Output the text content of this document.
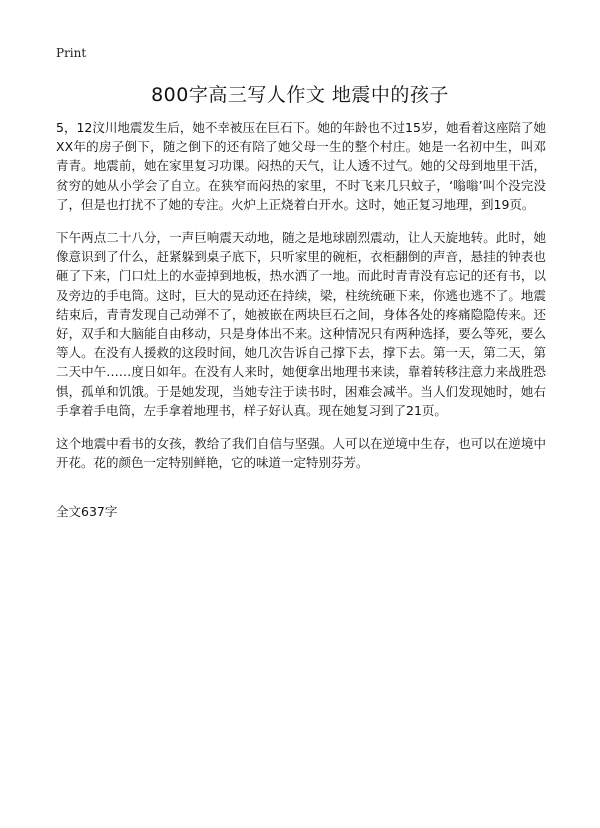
Print
800字高三写人作文 地震中的孩子

5，12汶川地震发生后，她不幸被压在巨石下。她的年龄也不过15岁，她看着这座陪了她XX年的房子倒下，随之倒下的还有陪了她父母一生的整个村庄。她是一名初中生，叫邓青青。地震前，她在家里复习功课。闷热的天气，让人透不过气。她的父母到地里干活，贫穷的她从小学会了自立。在狭窄而闷热的家里，不时飞来几只蚊子，‘嗡嗡’叫个没完没了，但是也打扰不了她的专注。火炉上正烧着白开水。这时，她正复习地理，到19页。

下午两点二十八分，一声巨响震天动地，随之是地球剧烈震动，让人天旋地转。此时，她像意识到了什么，赶紧躲到桌子底下，只听家里的碗柜，衣柜翻倒的声音，悬挂的钟表也砸了下来，门口灶上的水壶掉到地板，热水洒了一地。而此时青青没有忘记的还有书，以及旁边的手电筒。这时，巨大的晃动还在持续，梁，柱统统砸下来，你逃也逃不了。地震结束后，青青发现自己动弹不了，她被嵌在两块巨石之间，身体各处的疼痛隐隐传来。还好，双手和大脑能自由移动，只是身体出不来。这种情况只有两种选择，要么等死，要么等人。在没有人援救的这段时间，她几次告诉自己撑下去，撑下去。第一天，第二天，第二天中午……度日如年。在没有人来时，她便拿出地理书来读，靠着转移注意力来战胜恐惧，孤单和饥饿。于是她发现，当她专注于读书时，困难会减半。当人们发现她时，她右手拿着手电筒，左手拿着地理书，样子好认真。现在她复习到了21页。

这个地震中看书的女孩，教给了我们自信与坚强。人可以在逆境中生存，也可以在逆境中开花。花的颜色一定特别鲜艳，它的味道一定特别芬芳。

全文637字
